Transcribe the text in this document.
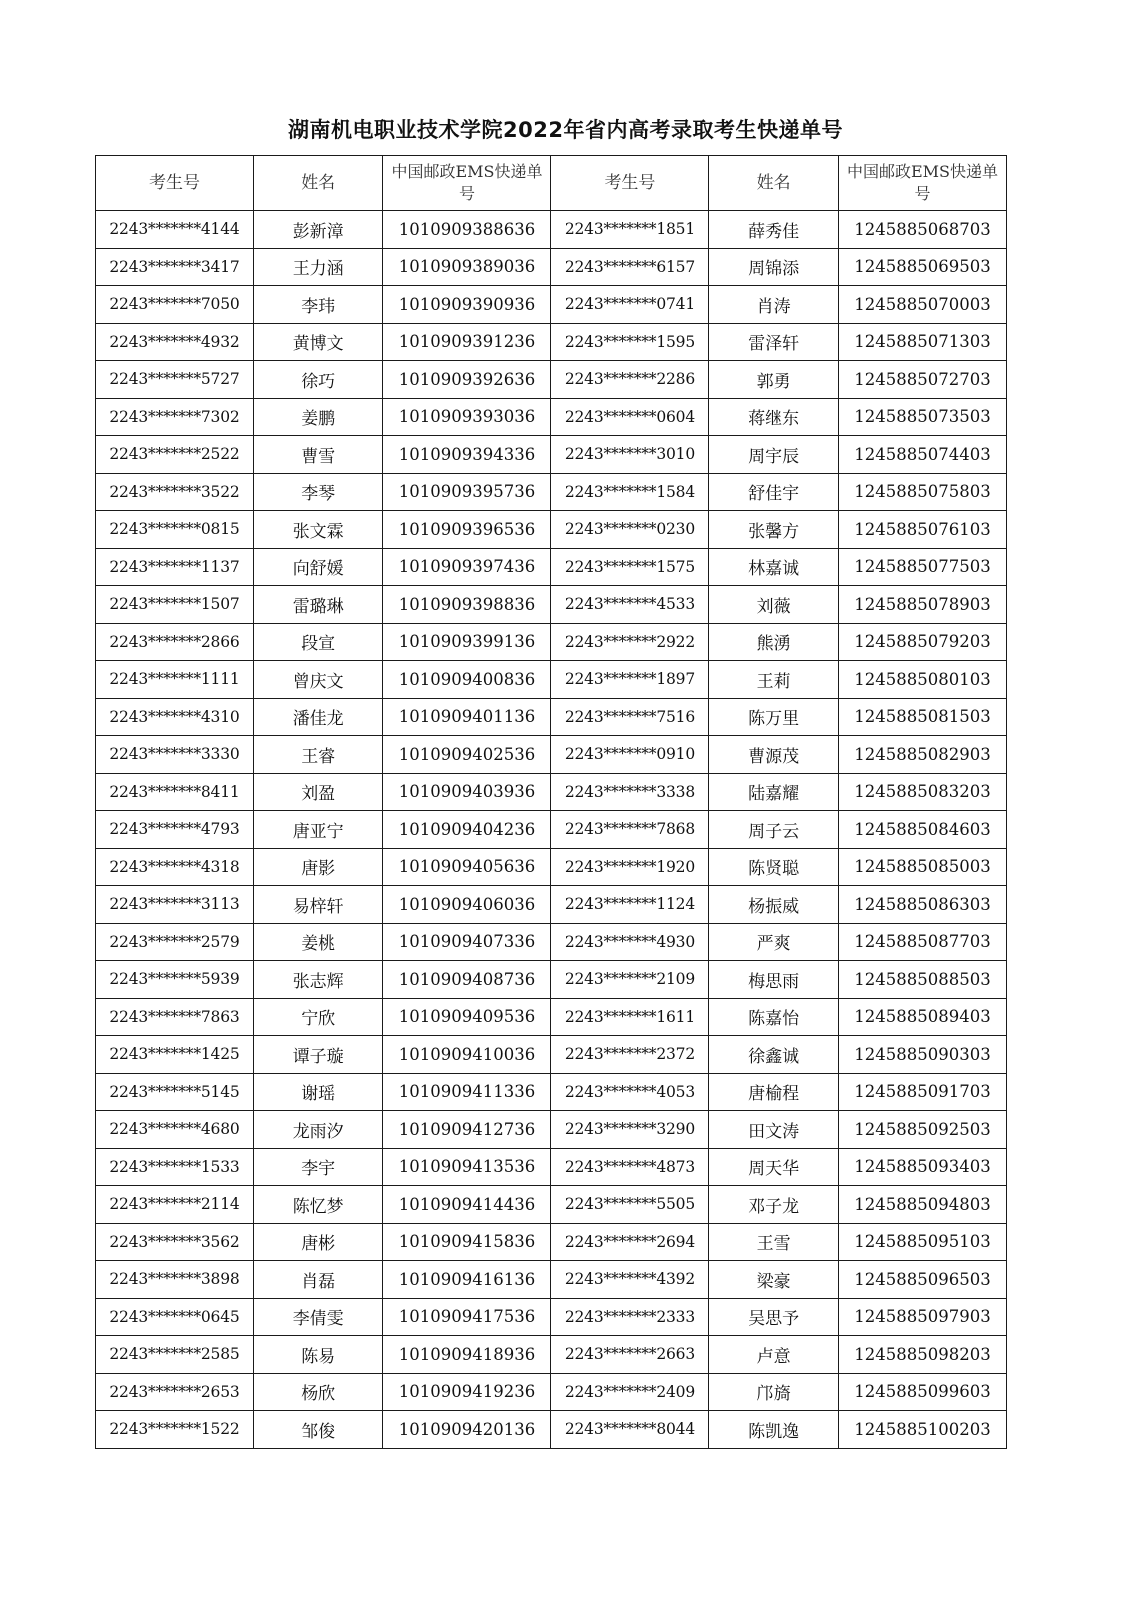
湖南机电职业技术学院2022年省内高考录取考生快递单号
考生号	姓名	中国邮政EMS快递单号	考生号	姓名	中国邮政EMS快递单号
2243*******4144	彭新漳	1010909388636	2243*******1851	薛秀佳	1245885068703
2243*******3417	王力涵	1010909389036	2243*******6157	周锦添	1245885069503
2243*******7050	李玮	1010909390936	2243*******0741	肖涛	1245885070003
2243*******4932	黄博文	1010909391236	2243*******1595	雷泽轩	1245885071303
2243*******5727	徐巧	1010909392636	2243*******2286	郭勇	1245885072703
2243*******7302	姜鹏	1010909393036	2243*******0604	蒋继东	1245885073503
2243*******2522	曹雪	1010909394336	2243*******3010	周宇辰	1245885074403
2243*******3522	李琴	1010909395736	2243*******1584	舒佳宇	1245885075803
2243*******0815	张文霖	1010909396536	2243*******0230	张馨方	1245885076103
2243*******1137	向舒媛	1010909397436	2243*******1575	林嘉诚	1245885077503
2243*******1507	雷璐琳	1010909398836	2243*******4533	刘薇	1245885078903
2243*******2866	段宣	1010909399136	2243*******2922	熊湧	1245885079203
2243*******1111	曾庆文	1010909400836	2243*******1897	王莉	1245885080103
2243*******4310	潘佳龙	1010909401136	2243*******7516	陈万里	1245885081503
2243*******3330	王睿	1010909402536	2243*******0910	曹源茂	1245885082903
2243*******8411	刘盈	1010909403936	2243*******3338	陆嘉耀	1245885083203
2243*******4793	唐亚宁	1010909404236	2243*******7868	周子云	1245885084603
2243*******4318	唐影	1010909405636	2243*******1920	陈贤聪	1245885085003
2243*******3113	易梓轩	1010909406036	2243*******1124	杨振威	1245885086303
2243*******2579	姜桃	1010909407336	2243*******4930	严爽	1245885087703
2243*******5939	张志辉	1010909408736	2243*******2109	梅思雨	1245885088503
2243*******7863	宁欣	1010909409536	2243*******1611	陈嘉怡	1245885089403
2243*******1425	谭子璇	1010909410036	2243*******2372	徐鑫诚	1245885090303
2243*******5145	谢瑶	1010909411336	2243*******4053	唐榆程	1245885091703
2243*******4680	龙雨汐	1010909412736	2243*******3290	田文涛	1245885092503
2243*******1533	李宇	1010909413536	2243*******4873	周天华	1245885093403
2243*******2114	陈忆梦	1010909414436	2243*******5505	邓子龙	1245885094803
2243*******3562	唐彬	1010909415836	2243*******2694	王雪	1245885095103
2243*******3898	肖磊	1010909416136	2243*******4392	梁豪	1245885096503
2243*******0645	李倩雯	1010909417536	2243*******2333	吴思予	1245885097903
2243*******2585	陈易	1010909418936	2243*******2663	卢意	1245885098203
2243*******2653	杨欣	1010909419236	2243*******2409	邝旖	1245885099603
2243*******1522	邹俊	1010909420136	2243*******8044	陈凯逸	1245885100203
